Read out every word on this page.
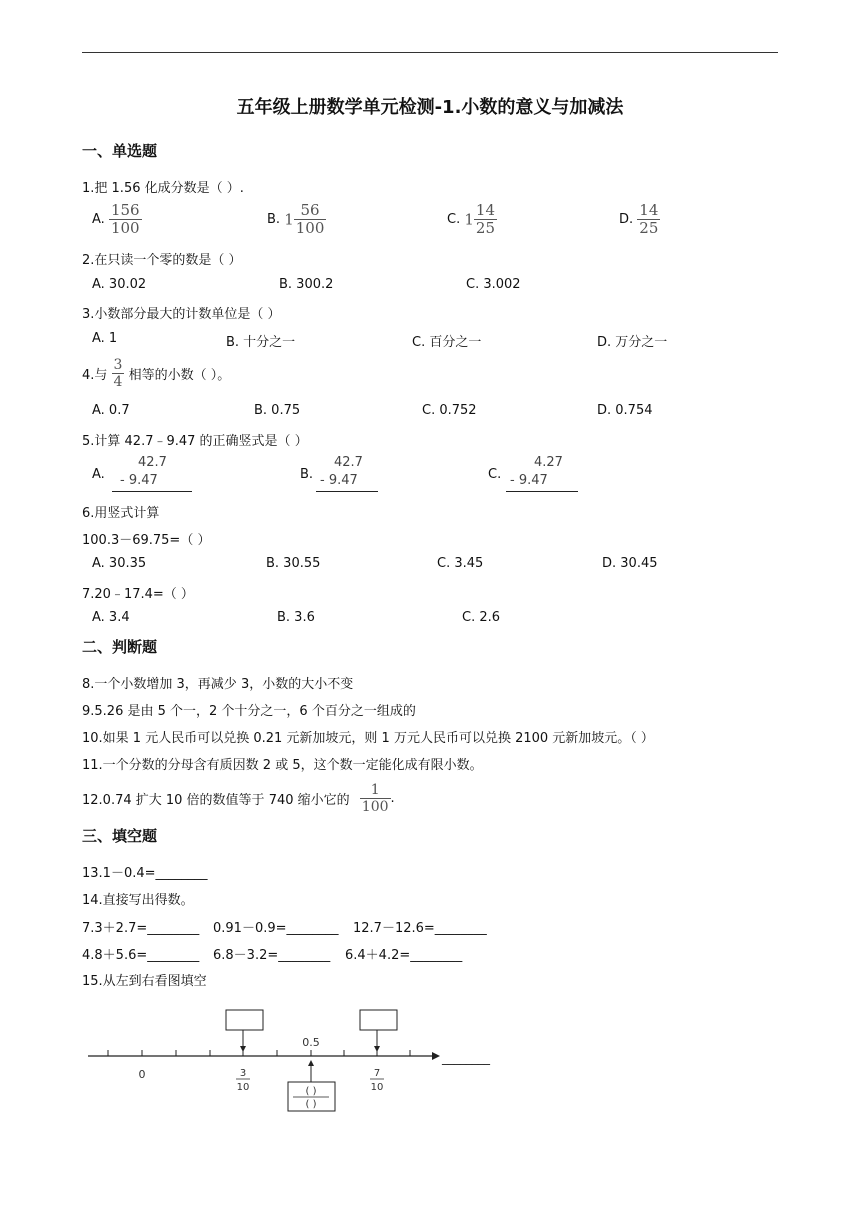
五年级上册数学单元检测-1.小数的意义与加减法
一、单选题
1.把 1.56 化成分数是（ ）.
A. $\frac{156}{100}$	B. $1 \frac{56}{100}$	C. $1 \frac{14}{25}$	D. $\frac{14}{25}$
2.在只读一个零的数是（ ）
A. 30.02	B. 300.2	C. 3.002
3.小数部分最大的计数单位是（ ）
A. 1	B. 十分之一	C. 百分之一	D. 万分之一
4.与 $\frac{3}{4}$ 相等的小数（ ）。
A. 0.7	B. 0.75	C. 0.752	D. 0.754
5.计算 42.7﹣9.47 的正确竖式是（ ）
A.
42.7
- 9.47	B.
42.7
- 9.47	C.
4.27
- 9.47
6.用竖式计算
100.3－69.75=（ ）
A. 30.35	B. 30.55	C. 3.45	D. 30.45
7.20﹣17.4=（ ）
A. 3.4	B. 3.6	C. 2.6
二、判断题
8.一个小数增加 3，再减少 3，小数的大小不变
9.5.26 是由 5 个一，2 个十分之一，6 个百分之一组成的
10.如果 1 元人民币可以兑换 0.21 元新加坡元，则 1 万元人民币可以兑换 2100 元新加坡元。（ ）
11.一个分数的分母含有质因数 2 或 5，这个数一定能化成有限小数。
12.0.74 扩大 10 倍的数值等于 740 缩小它的 $\frac{1}{100}$ .
三、填空题
13.1－0.4=________
14.直接写出得数。
7.3＋2.7=________ 0.91－0.9=________ 12.7－12.6=________
4.8＋5.6=________ 6.8－3.2=________ 6.4＋4.2=________
15.从左到右看图填空
0
0.5
3
10
7
10
( )
( )
________
